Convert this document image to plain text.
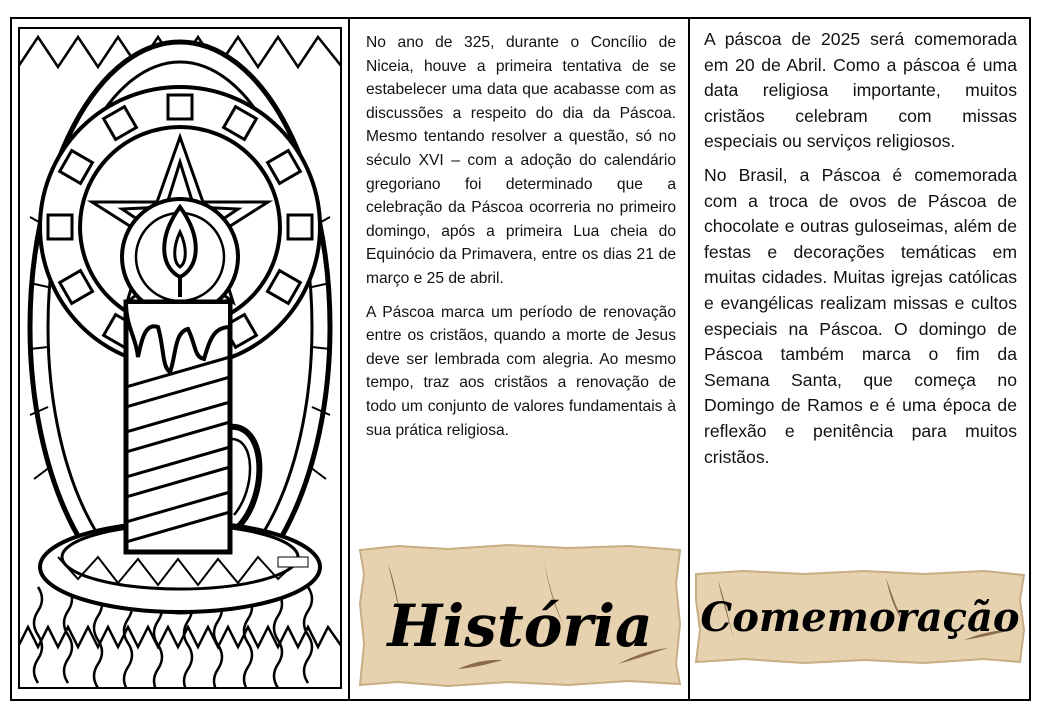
No ano de 325, durante o Concílio de Niceia, houve a primeira tentativa de se estabelecer uma data que acabasse com as discussões a respeito do dia da Páscoa. Mesmo tentando resolver a questão, só no século XVI – com a adoção do calendário gregoriano foi determinado que a celebração da Páscoa ocorreria no primeiro domingo, após a primeira Lua cheia do Equinócio da Primavera, entre os dias 21 de março e 25 de abril.

A Páscoa marca um período de renovação entre os cristãos, quando a morte de Jesus deve ser lembrada com alegria. Ao mesmo tempo, traz aos cristãos a renovação de todo um conjunto de valores fundamentais à sua prática religiosa.

História

A páscoa de 2025 será comemorada em 20 de Abril. Como a páscoa é uma data religiosa importante, muitos cristãos celebram com missas especiais ou serviços religiosos.

No Brasil, a Páscoa é comemorada com a troca de ovos de Páscoa de chocolate e outras guloseimas, além de festas e decorações temáticas em muitas cidades. Muitas igrejas católicas e evangélicas realizam missas e cultos especiais na Páscoa. O domingo de Páscoa também marca o fim da Semana Santa, que começa no Domingo de Ramos e é uma época de reflexão e penitência para muitos cristãos.

Comemoração
